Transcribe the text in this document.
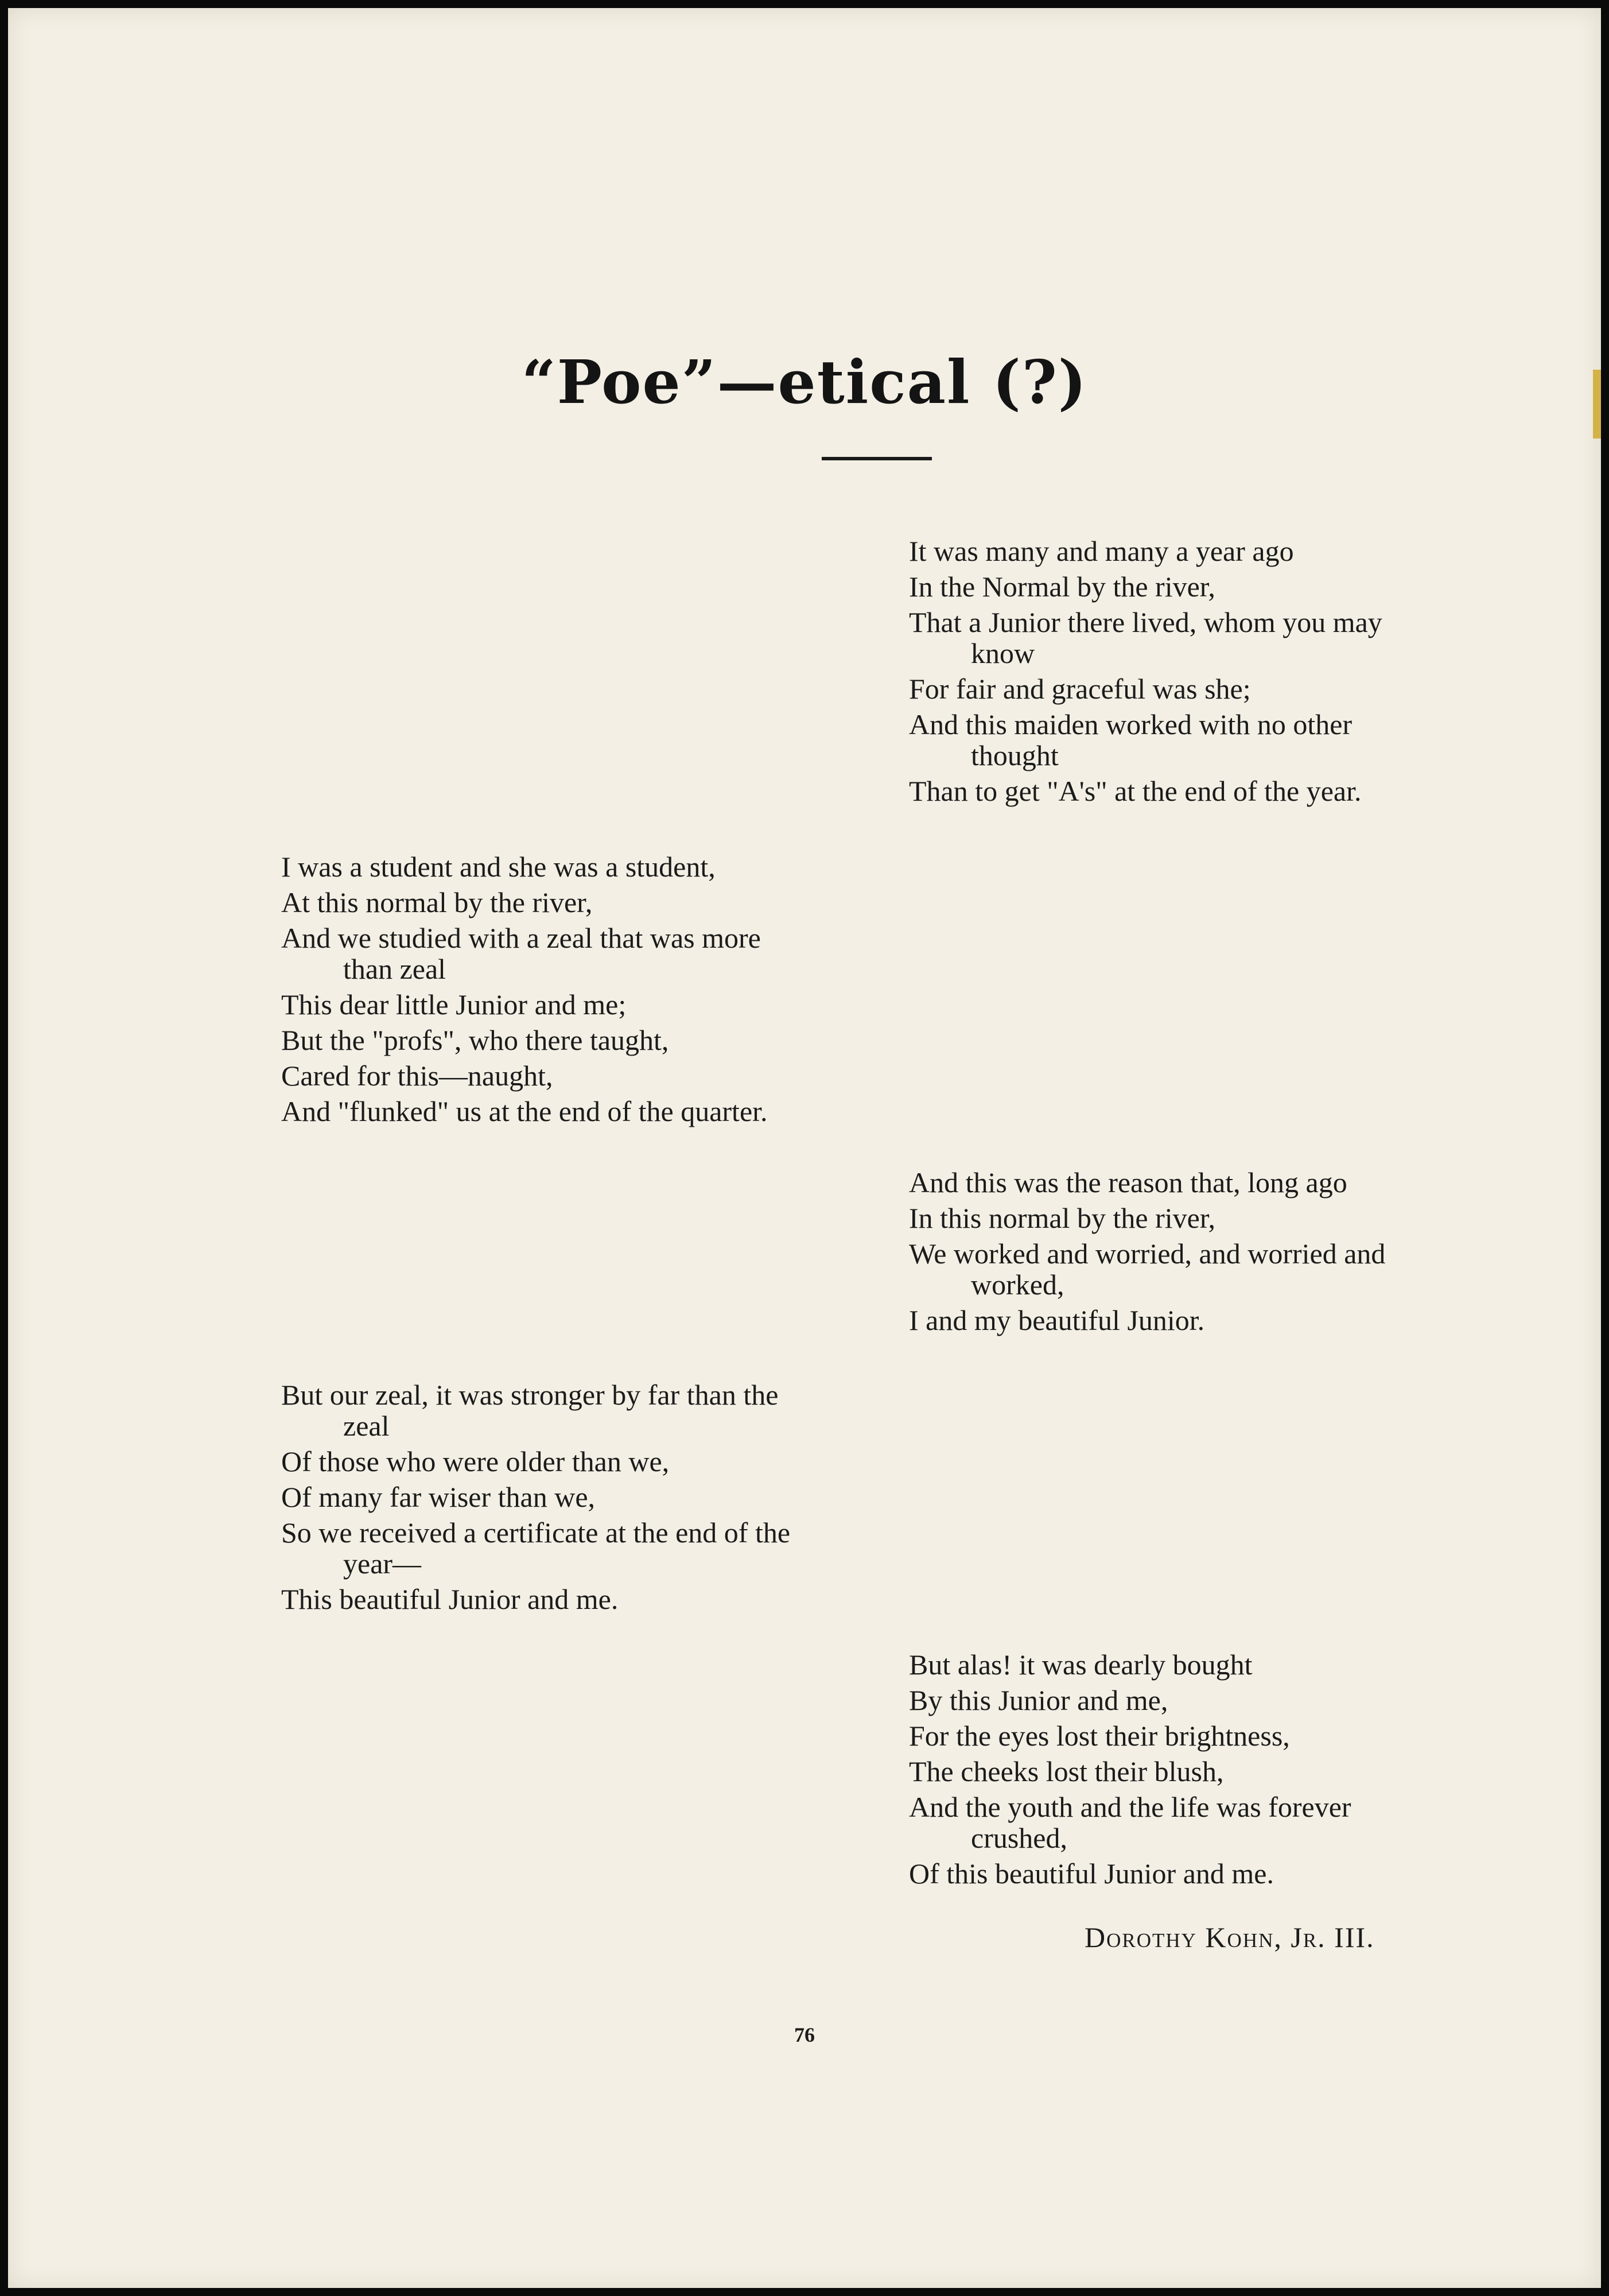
“Poe”—etical (?)
It was many and many a year ago
In the Normal by the river,
That a Junior there lived, whom you may
know
For fair and graceful was she;
And this maiden worked with no other
thought
Than to get "A's" at the end of the year.
I was a student and she was a student,
At this normal by the river,
And we studied with a zeal that was more
than zeal
This dear little Junior and me;
But the "profs", who there taught,
Cared for this—naught,
And "flunked" us at the end of the quarter.
And this was the reason that, long ago
In this normal by the river,
We worked and worried, and worried and
worked,
I and my beautiful Junior.
But our zeal, it was stronger by far than the
zeal
Of those who were older than we,
Of many far wiser than we,
So we received a certificate at the end of the
year—
This beautiful Junior and me.
But alas! it was dearly bought
By this Junior and me,
For the eyes lost their brightness,
The cheeks lost their blush,
And the youth and the life was forever
crushed,
Of this beautiful Junior and me.
Dorothy Kohn, Jr. III.
76
